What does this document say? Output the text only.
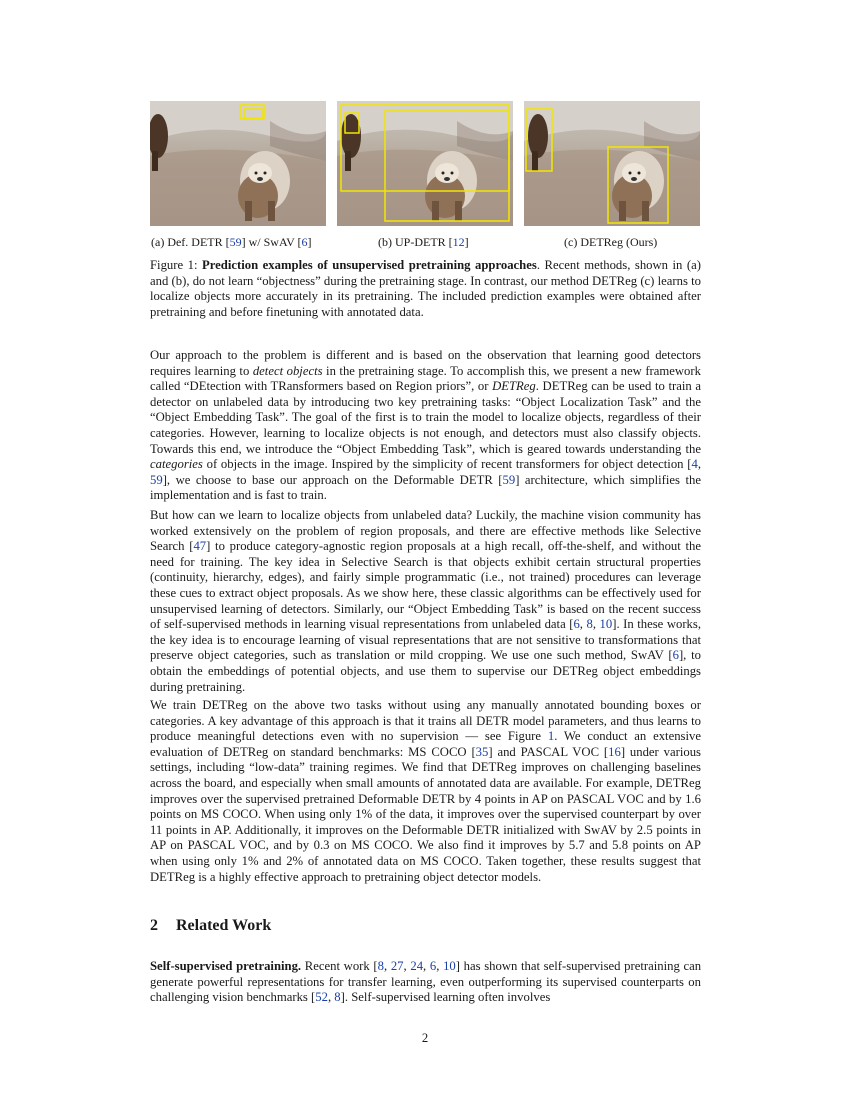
(a) Def. DETR [59] w/ SwAV [6]	(b) UP-DETR [12]	(c) DETReg (Ours)
Figure 1: Prediction examples of unsupervised pretraining approaches. Recent methods, shown in (a) and (b), do not learn “objectness” during the pretraining stage. In contrast, our method DETReg (c) learns to localize objects more accurately in its pretraining. The included prediction examples were obtained after pretraining and before finetuning with annotated data.

Our approach to the problem is different and is based on the observation that learning good detectors requires learning to detect objects in the pretraining stage. To accomplish this, we present a new framework called “DEtection with TRansformers based on Region priors”, or DETReg. DETReg can be used to train a detector on unlabeled data by introducing two key pretraining tasks: “Object Localization Task” and the “Object Embedding Task”. The goal of the first is to train the model to localize objects, regardless of their categories. However, learning to localize objects is not enough, and detectors must also classify objects. Towards this end, we introduce the “Object Embedding Task”, which is geared towards understanding the categories of objects in the image. Inspired by the simplicity of recent transformers for object detection [4, 59], we choose to base our approach on the Deformable DETR [59] architecture, which simplifies the implementation and is fast to train.

But how can we learn to localize objects from unlabeled data? Luckily, the machine vision community has worked extensively on the problem of region proposals, and there are effective methods like Selective Search [47] to produce category-agnostic region proposals at a high recall, off-the-shelf, and without the need for training. The key idea in Selective Search is that objects exhibit certain structural properties (continuity, hierarchy, edges), and fairly simple programmatic (i.e., not trained) procedures can leverage these cues to extract object proposals. As we show here, these classic algorithms can be effectively used for unsupervised learning of detectors. Similarly, our “Object Embedding Task” is based on the recent success of self-supervised methods in learning visual representations from unlabeled data [6, 8, 10]. In these works, the key idea is to encourage learning of visual representations that are not sensitive to transformations that preserve object categories, such as translation or mild cropping. We use one such method, SwAV [6], to obtain the embeddings of potential objects, and use them to supervise our DETReg object embeddings during pretraining.

We train DETReg on the above two tasks without using any manually annotated bounding boxes or categories. A key advantage of this approach is that it trains all DETR model parameters, and thus learns to produce meaningful detections even with no supervision — see Figure 1. We conduct an extensive evaluation of DETReg on standard benchmarks: MS COCO [35] and PASCAL VOC [16] under various settings, including “low-data” training regimes. We find that DETReg improves on challenging baselines across the board, and especially when small amounts of annotated data are available. For example, DETReg improves over the supervised pretrained Deformable DETR by 4 points in AP on PASCAL VOC and by 1.6 points on MS COCO. When using only 1% of the data, it improves over the supervised counterpart by over 11 points in AP. Additionally, it improves on the Deformable DETR initialized with SwAV by 2.5 points in AP on PASCAL VOC, and by 0.3 on MS COCO. We also find it improves by 5.7 and 5.8 points on AP when using only 1% and 2% of annotated data on MS COCO. Taken together, these results suggest that DETReg is a highly effective approach to pretraining object detector models.

2 Related Work

Self-supervised pretraining. Recent work [8, 27, 24, 6, 10] has shown that self-supervised pretraining can generate powerful representations for transfer learning, even outperforming its supervised counterparts on challenging vision benchmarks [52, 8]. Self-supervised learning often involves

2
